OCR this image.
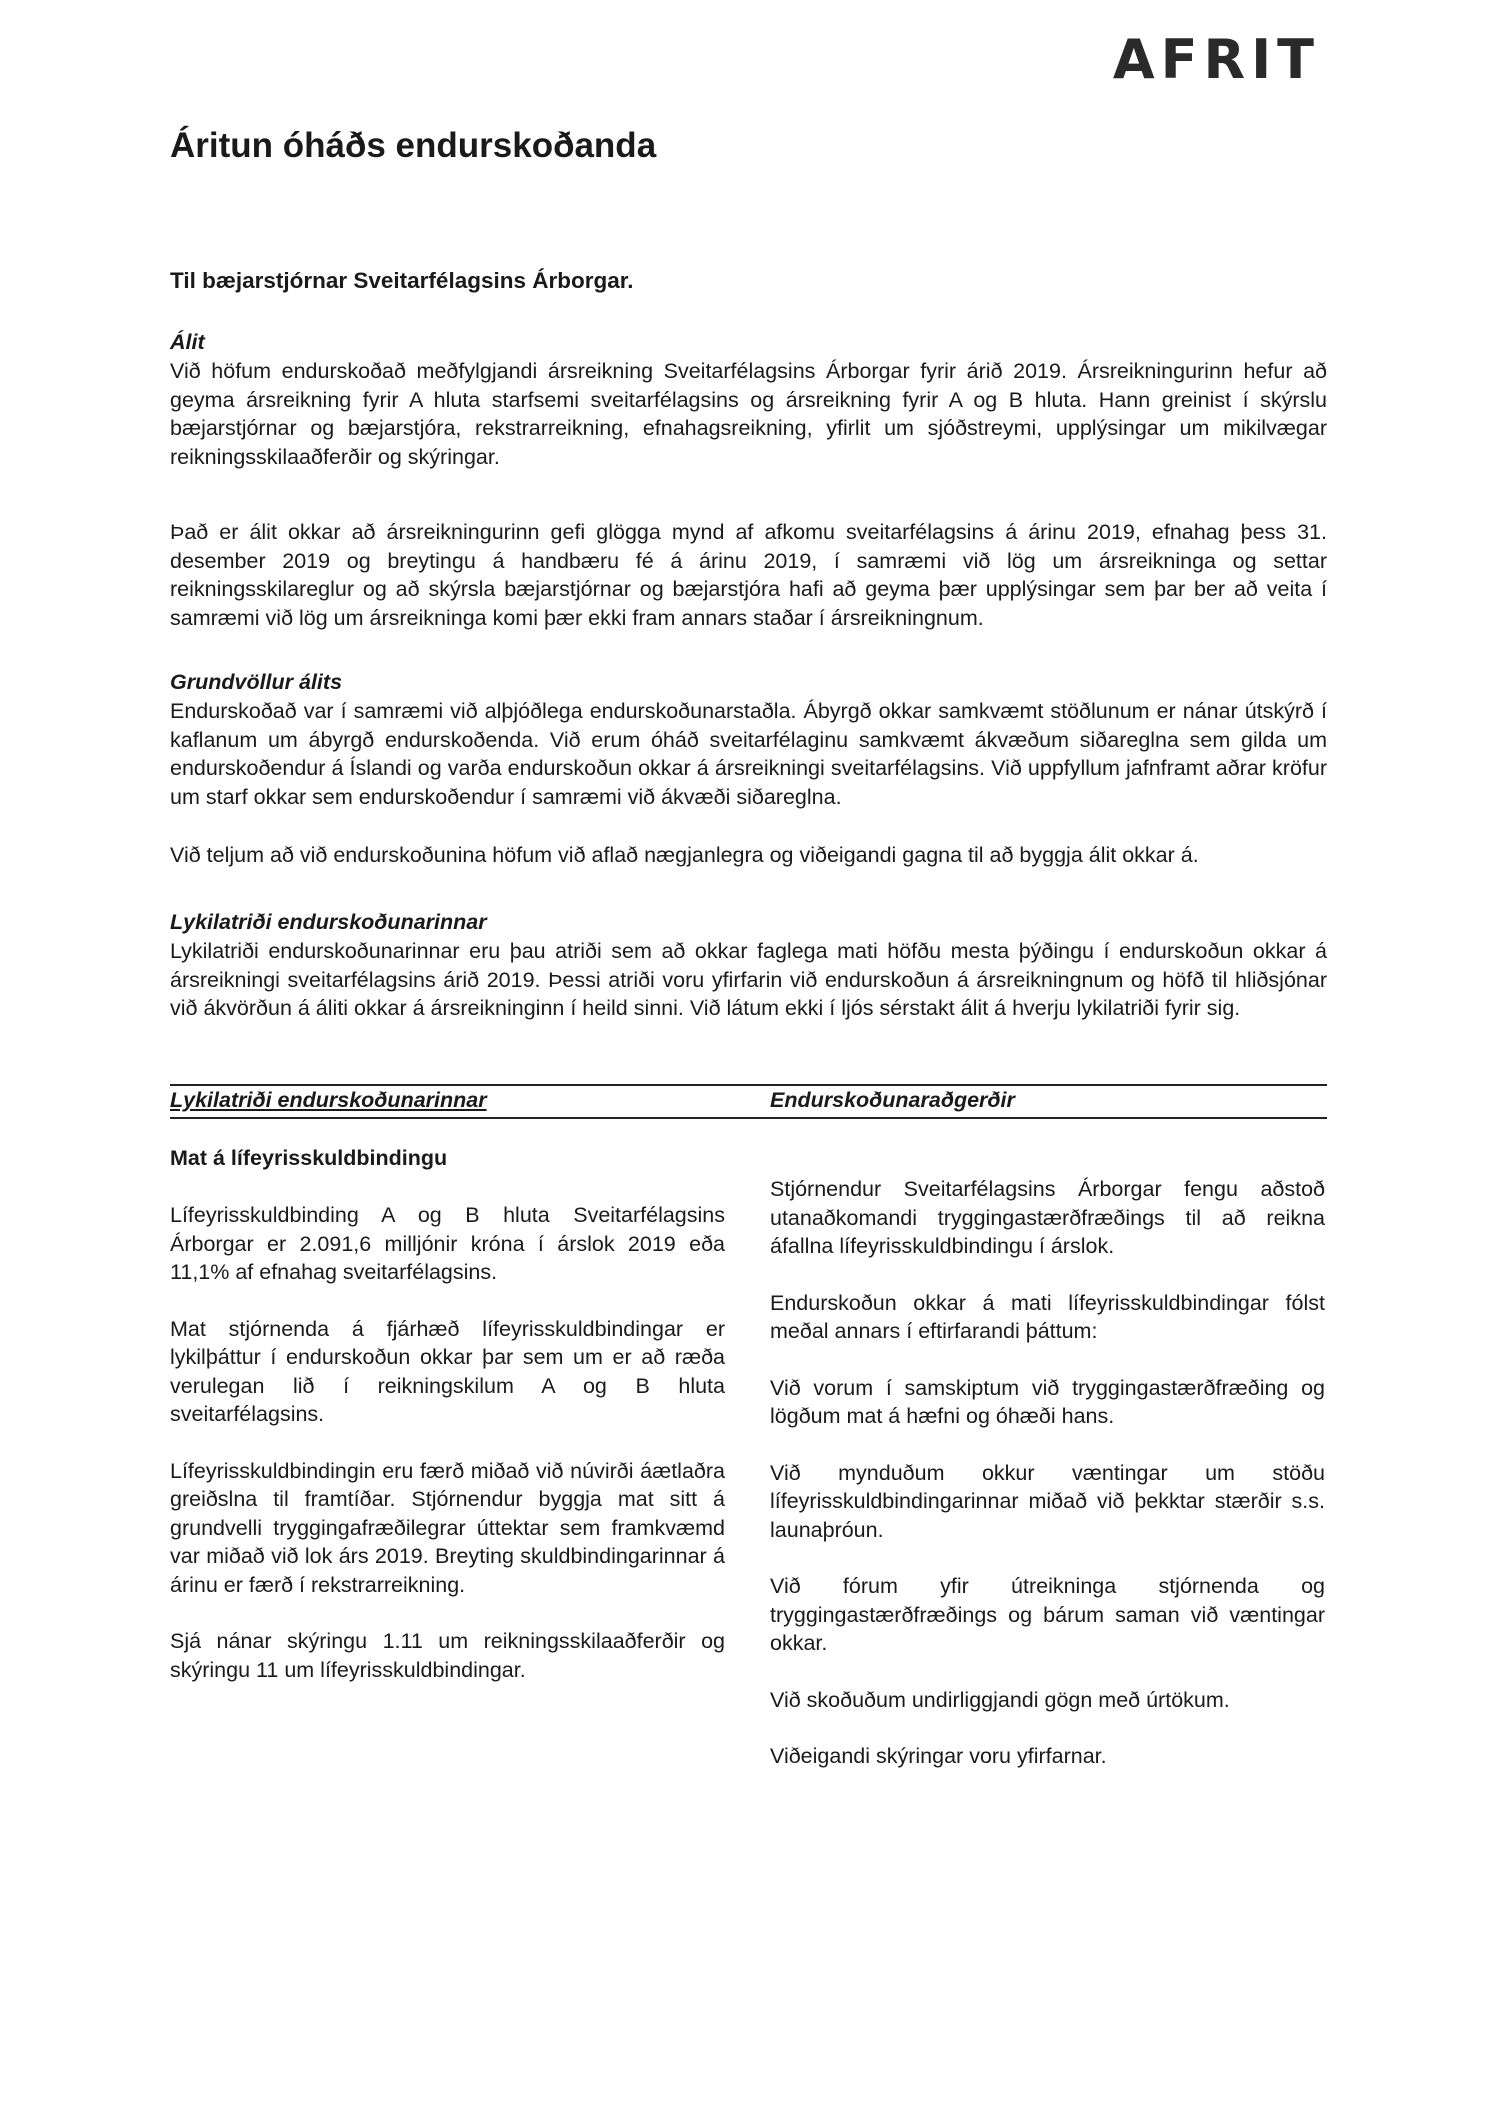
AFRIT
Áritun óháðs endurskoðanda
Til bæjarstjórnar Sveitarfélagsins Árborgar.
Álit

Við höfum endurskoðað meðfylgjandi ársreikning Sveitarfélagsins Árborgar fyrir árið 2019. Ársreikningurinn hefur að geyma ársreikning fyrir A hluta starfsemi sveitarfélagsins og ársreikning fyrir A og B hluta. Hann greinist í skýrslu bæjarstjórnar og bæjarstjóra, rekstrarreikning, efnahagsreikning, yfirlit um sjóðstreymi, upplýsingar um mikilvægar reikningsskilaaðferðir og skýringar.

Það er álit okkar að ársreikningurinn gefi glögga mynd af afkomu sveitarfélagsins á árinu 2019, efnahag þess 31. desember 2019 og breytingu á handbæru fé á árinu 2019, í samræmi við lög um ársreikninga og settar reikningsskilareglur og að skýrsla bæjarstjórnar og bæjarstjóra hafi að geyma þær upplýsingar sem þar ber að veita í samræmi við lög um ársreikninga komi þær ekki fram annars staðar í ársreikningnum.

Grundvöllur álits

Endurskoðað var í samræmi við alþjóðlega endurskoðunarstaðla. Ábyrgð okkar samkvæmt stöðlunum er nánar útskýrð í kaflanum um ábyrgð endurskoðenda. Við erum óháð sveitarfélaginu samkvæmt ákvæðum siðareglna sem gilda um endurskoðendur á Íslandi og varða endurskoðun okkar á ársreikningi sveitarfélagsins. Við uppfyllum jafnframt aðrar kröfur um starf okkar sem endurskoðendur í samræmi við ákvæði siðareglna.

Við teljum að við endurskoðunina höfum við aflað nægjanlegra og viðeigandi gagna til að byggja álit okkar á.

Lykilatriði endurskoðunarinnar

Lykilatriði endurskoðunarinnar eru þau atriði sem að okkar faglega mati höfðu mesta þýðingu í endurskoðun okkar á ársreikningi sveitarfélagsins árið 2019. Þessi atriði voru yfirfarin við endurskoðun á ársreikningnum og höfð til hliðsjónar við ákvörðun á áliti okkar á ársreikninginn í heild sinni. Við látum ekki í ljós sérstakt álit á hverju lykilatriði fyrir sig.

Lykilatriði endurskoðunarinnar	Endurskoðunaraðgerðir
Mat á lífeyrisskuldbindingu

Lífeyrisskuldbinding A og B hluta Sveitarfélagsins Árborgar er 2.091,6 milljónir króna í árslok 2019 eða 11,1% af efnahag sveitarfélagsins.

Mat stjórnenda á fjárhæð lífeyrisskuldbindingar er lykilþáttur í endurskoðun okkar þar sem um er að ræða verulegan lið í reikningskilum A og B hluta sveitarfélagsins.

Lífeyrisskuldbindingin eru færð miðað við núvirði áætlaðra greiðslna til framtíðar. Stjórnendur byggja mat sitt á grundvelli tryggingafræðilegrar úttektar sem framkvæmd var miðað við lok árs 2019. Breyting skuldbindingarinnar á árinu er færð í rekstrarreikning.

Sjá nánar skýringu 1.11 um reikningsskilaaðferðir og skýringu 11 um lífeyrisskuldbindingar.

Stjórnendur Sveitarfélagsins Árborgar fengu aðstoð utanaðkomandi tryggingastærðfræðings til að reikna áfallna lífeyrisskuldbindingu í árslok.

Endurskoðun okkar á mati lífeyrisskuldbindingar fólst meðal annars í eftirfarandi þáttum:

Við vorum í samskiptum við tryggingastærðfræðing og lögðum mat á hæfni og óhæði hans.

Við mynduðum okkur væntingar um stöðu lífeyrisskuldbindingarinnar miðað við þekktar stærðir s.s. launaþróun.

Við fórum yfir útreikninga stjórnenda og tryggingastærðfræðings og bárum saman við væntingar okkar.

Við skoðuðum undirliggjandi gögn með úrtökum.

Viðeigandi skýringar voru yfirfarnar.
